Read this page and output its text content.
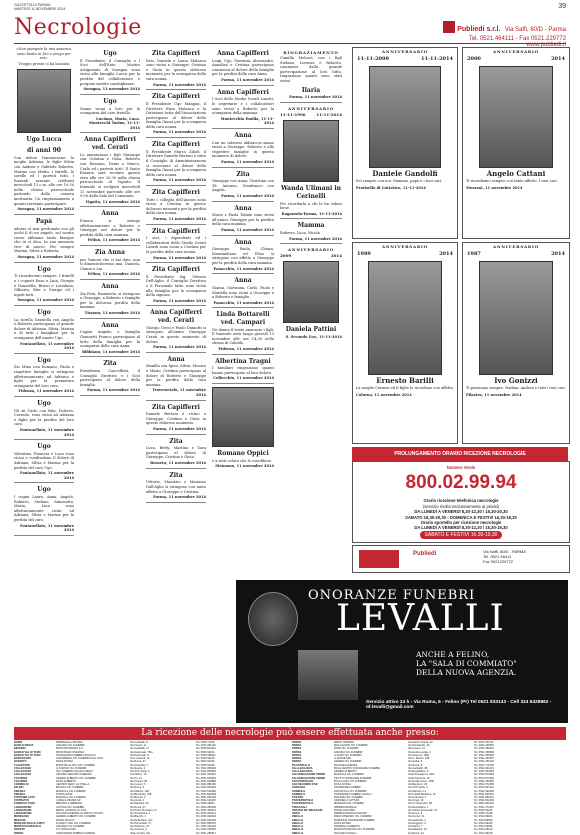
GAZZETTA DI PARMA
MARTEDÌ 11 NOVEMBRE 2014	39
Necrologie	Publiedi s.r.l. Via Saffi, 80/D - Parma
Tel. 0521.464111 - Fax 0521.229772
www.publiedi.it

«Non piangete la mia assenza, sono beato in Dio e prego per voi».

Troppo presto ci ha lasciato

Ugo Lucca
di anni 90

Con dolore l'annunciano: la moglie Adriana, le figlie Silvia con Andrea e Gabriele Roberta, Marina con Mirko, i fratelli, le sorelle ed i parenti tutti. I funerali saranno celebrati mercoledì 12 c.m. alle ore 10.30 nella chiesa parrocchiale partendo dalla camera mortuaria. Un ringraziamento a quanti vorranno partecipare.

Soragna, 11 novembre 2014
Papà

adesso sì mai perdonata con gli occhi il di un angelo, sul nostro cuore abbiamo tanto bisogno che tu ci dica. In sua memoria vive di nuovo. Per sempre Marina, Silvia e Roberta.

Soragna, 11 novembre 2014
Ugo

Ti ricorderemo sempre. I fratelli e i cognati Enzo e Lina, Giorgio e Donatella, Bruno e Loredana, Gilberto, Rita e Giorgio ed i nipoti tutti.

Soragna, 11 novembre 2014
Ugo

La sorella Graziella con Angelo e Roberto partecipano al grande dolore di Adriana, Silvia, Marina e di tutti i famigliari per la scomparsa dell'amato Ugo.

Fontanellato, 11 novembre 2014
Ugo

Zio Mino con Romano, Paola e rispettive famiglie si stringono affettuosamente ad Adriana e figlie per la prematura scomparsa del loro caro.

Fidenza, 11 novembre 2014
Ugo

Gli zii Carlo con Rita, Dolores, Corrado, sono vicini ad Adriana e figlie per la perdita del loro caro.

Fontanellato, 11 novembre 2014
Ugo

Valentino, Pinuccia e Luca sono vicini e condividono il dolore di Adriana, Silvia e Marina per la perdita del caro Ugo.

Fontanellato, 11 novembre 2014
Ugo

I cugini Laura, Anna, Angelo, Roberto, Stefano, Simonetta, Maria, Lina sono affettuosamente vicini ad Adriana, Silvia e Marina per la perdita del caro.

Fontanellato, 11 novembre 2014
Ugo

Il Presidente, il Consiglio e i Soci dell'Ente Mostra Artigianato di Soragna sono vicini alla famiglia Lucca per la perdita del collaboratore e porgono sentite condoglianze.

Soragna, 11 novembre 2014
Ugo

Siamo vicini a loro per la scomparsa del caro fratello.

Luciano, Maria, Luca. Montecchi Torino, 11-11-2014
Anna Capifferri ved. Cerati

Lo annunciano i figli Giuseppe con Cristina e Gioia, Roberto con Rossana, Denis e Marco, Carla ed i parenti tutti. Il Santo Rosario sarà recitato questa sera alle ore 20.30 nella chiesa parrocchiale di Vigatto. Il funerale si svolgerà mercoledì 12 novembre partendo alle ore 9.00 dalla Sala del Commiato.

Vigatto, 11 novembre 2014
Anna

Franca si stringe affettuosamente a Roberto e Giuseppe nel dolore per la perdita della cara mamma.

Felino, 11 novembre 2014
Zia Anna

per l'amore che ci hai dato, non ti dimenticheremo mai. Daniela, Gianni e Lia.

Felino, 11 novembre 2014
Anna

Zia Fera, Emanuela, si stringono a Giuseppe, a Roberto e famiglie per la dolorosa perdita della mamma.

Tizzano, 11 novembre 2014
Anna

Cugini Angiolo e famiglia Giannetti Franco partecipano al lutto della famiglia per la scomparsa della cara Anna.

Bibbiano, 11 novembre 2014
Zita

Presidenza Cancellieri, il Consiglio Direttivo e i Soci partecipano al dolore della famiglia.

Parma, 11 novembre 2014
Zita Capifferri

Ezio, Daniela e Laura Malanca sono vicini a Giuseppe, Cristina e Gioia in questo doloroso momento per la scomparsa della cara nonna.

Parma, 11 novembre 2014
Zita Capifferri

Il Presidente Ugo Mangini, il Direttore Enzo Malanca e la Direzione tutta dell'Associazione partecipano al dolore della famiglia Gnoni per la scomparsa della cara nonna.

Parma, 11 novembre 2014
Zita Capifferri

Il Presidente Marco Zilioli, il Direttore Daniele Bertoni e tutto il Consiglio di Amministrazione si associano al dolore della famiglia Gnoni per la scomparsa della cara nonna.

Parma, 11 novembre 2014
Zita Capifferri

Tutti i colleghi dell'Ascom sono vicini a Cristina in questo doloroso momento per la perdita della cara nonna.

Parma, 11 novembre 2014
Zita Capifferri

I soci, i dipendenti ed i collaboratori dello Studio Cerati Lauriti sono vicini a Cristina per la perdita della cara nonna.

Parma, 11 novembre 2014
Zita Capifferri

Il Presidente Sig. Vittorio Dell'Aglio, il Consiglio Direttivo e il Personale tutto sono vicini alla famiglia per la scomparsa della signora.

Parma, 11 novembre 2014
Anna Capifferri ved. Cerati

Giorgio Greci e Paolo Daniotti si stringono all'amico Giuseppe Cerati in questo momento di dolore.

Parma, 11 novembre 2014
Anna

Manilla con Igino, Silvia, Monica e Mario, Cristina partecipano al dolore di Roberto e Giuseppe per la perdita della cara mamma.

Traversetolo, 11 novembre 2014
Zita Capifferri

Daniele Bertoni è vicino a Giuseppe, Cristina e Gioia in questo doloroso momento.

Parma, 11 novembre 2014
Zita

Luca, Betty, Martina e Sara partecipano al dolore di Giuseppe, Cristina e Gioia.

Busseto, 11 novembre 2014
Zita

Vittorio, Maurizio e Massimo Dall'Aglio si stringono con tanto affetto a Giuseppe e Cristina.

Parma, 11 novembre 2014
Anna Capifferri

Luigi, Ugo, Giovanni, Alessandro, Annalisa e Cristina partecipano commossi al dolore della famiglia per la perdita della cara Anna.

Parma, 11 novembre 2014
Anna Capifferri

I Soci dello Studio Cerati Lauriti, le segretarie e i collaboratori sono vicini a Roberto per la scomparsa della mamma.

Montecchio Emilia, 11-11-2014
Anna

Con un caloroso abbraccio siamo vicini a Giuseppe, Roberto e alle rispettive famiglie in questo momento di dolore.

Parma, 11 novembre 2014
Zita

Giuseppe con Anna, Christian con 18. Antonio, Gianfranco con Angela.

Parma, 11 novembre 2014
Anna

Mario e Paola Tolmie sono vicini all'amico Giuseppe per la perdita della cara mamma.

Parma, 11 novembre 2014
Anna

Giuseppe, Paola, Chiara, Massimiliano ed Elisa si stringono con affetto a Giuseppe per la perdita della cara mamma.

Panocchia, 11 novembre 2014
Anna

Gianni, Giovanna, Carlo, Paolo e Mariella sono vicini a Giuseppe e a Roberto e famiglie.

Panocchia, 11 novembre 2014
Linda Bottarelli ved. Campari

Ne danno il triste annuncio i figli. Il funerale avrà luogo giovedì 13 novembre alle ore 14.30 nella chiesa di Caleido.

Fidenza, 11 novembre 2014
Albertina Tragni

I familiari ringraziano quanti hanno partecipato al loro dolore.

Collecchio, 11 novembre 2014
Romano Oppici

e a tutti coloro che lo conobbero

Sivizzano, 11 novembre 2014
RINGRAZIAMENTO

Camilla Molossi, con i figli Stefano, Lorenzo e Roberto, commossi dalla grande partecipazione al loro lutto, ringraziano quanti sono stati vicini.

Ilaria
Parma, 11 novembre 2014
ANNIVERSARIO
11-11-1996	11-11-2014
Wanda Ulimani in Cerinelli

Per ricordarla a chi le ha voluto bene.

Ragazzola-Parma, 11-11-2014
Mamma

Roberto, Luca, Nicola

Parma, 11 novembre 2014
ANNIVERSARIO
2009	2014
Daniela Pattini
S. Secondo P.se, 11-11-2014
ANNIVERSARIO
11-11-2009	11-11-2014
Daniele Gandolfi
Sei sempre con noi. Mamma, papà e i tuoi cari.
Pratisello di Gattatico, 11-11-2014
ANNIVERSARIO
2000	2014
Angelo Cattani
Ti ricordiamo sempre con tanto affetto. I tuoi cari.
Mezzani, 11 novembre 2014
ANNIVERSARIO
1989	2014
Ernesto Barilli
La moglie Carmen ed il figlio lo ricordano con affetto.
Colorno, 11 novembre 2014
ANNIVERSARIO
1987	2014
Ivo Gonizzi
Ti pensiamo sempre. Nadina, Andrea e tutti i tuoi cari.
Pilastro, 11 novembre 2014
PROLUNGAMENTO ORARIO RICEZIONE NECROLOGIE
Numero Verde
800.02.99.94
Orario ricezione telefonica necrologie
(servizio rivolto esclusivamente ai privati)
DA LUNEDÌ A VENERDÌ 8,30-12,30 / 15,30-20,30
SABATO 16,30-20,30 - DOMENICA E FESTIVI 16,30-19,30
Orario sportello per ricezione necrologie
DA LUNEDÌ A VENERDÌ 8,30-12,30 / 15,30-19,30
SABATO E FESTIVI 16,30-19,30
Publiedi	Via Saffi, 80/D - PARMA
Tel. 0521.46411
Fax 0521229772
ONORANZE FUNEBRI
LEVALLI
ANCHE A FELINO,
LA "SALA DI COMMIATO"
DELLA NUOVA AGENZIA.
Servizio attivo 24 h - Via Roma, 6 - Felino (Pr) Tel 0521 833143 - Cell 324 8428862 - of.levalli@gmail.com
La ricezione delle necrologie può essere effettuata anche presso:
BARDI	PERREGALLI MAURO	Via Garibaldi, 8	Tel. 0525.71315
BASILICANOVA	ANCORA ON. FUNEBRI	Via Ferrari, 11	Tel. 0521.681146
BEDONIA	MONTANI MAURO & C.	Via Garibaldi, 17	Tel. 0525.824116
BORGO VAL DI TARO	MONTANARI STEFANO	Via Nazionale, 76/A	Tel. 0525.99234
BORGO VAL DI TARO	ONORANZE FUNEBRI FROGGIO	Via Nazionale, 6	Tel. 0525.968311
BORGOTARO	ANTARREDO ON. FUNEBRI GALLUCCI	Via Lombardi, 12	Tel. 0525.92120
BUSSETO	ROSA ROSSA	Via Roma, 27	Tel. 0524.92240
CALESTANO	MONTANI ALTICO ON. FUNEBRI	Via Ghirardini, 7	Tel. 0525.52188
COLLECCHIO	IL SORISO ON. FUNEBRI	Via Spezia, 3	Tel. 0521.805316
COLLECCHIO	ON. FUNEBRI COLLECCHIESI	Via XXV Aprile, 9	Tel. 0521.805040
COLLECCHIO	CENTRO SERVIZI FUNERARI	Via Molino, 15	Tel. 0521.305316
COLORNO	GEDENI ALBERTO ON. FUNEBRI	Via Po, 13	Tel. 0521.815660
COLORNO	ROSA ALBERTO	Via Cavour, 38	Tel. 0521.816880
CORNIGLIO	CENTRO SERV. LA STELLA	Via Cavour, 5	Tel. 0521.881180
FELINO	BOCCHI ON. FUNEBRI	Via Roma, 6	Tel. 0521.833143
FIDENZA	MAZZOLA ON. FUNEBRI	Via Mazzini, 192	Tel. 0524.532666
FIDENZA	PORTA ALTRI	Via Bertolotto, 158	Tel. 0524.532668
FONTANELLATO	MAZZOLA ON. FUNEBRI	Via Bernini, 2	Tel. 0521.821000
FONTEVIVO	CIANE E IMANDI GP	Via Azzali, 1	Tel. 0521.611108
FORNOVO TARO	BERTANI & IMBRIANI	Via Mamiani, 20	Tel. 0525.39003
LANGHIRANO	CATTANI ON. FUNEBRI	Via Roma, 37	Tel. 0521.852206
LANGHIRANO	BARILI GIORGIO & LUCA	Via Pietro Pinzoletti, 27	Tel. 0521.354014
LANGHIRANO	ROLANDI AGENZIA & LIDRISI OTTAVIO	Via Torrechiara, 4	Tel. 0521.863441
MEDESANO	GEDENI ALBERTO ON. FUNEBRI	Via Bianchi, 1	Tel. 0525.420202
MEZZANI	ROSSI ROCCO	Via Della Pace, 6/C	Tel. 0521.816118
MONCHIO DELLE CORTI	FLORIO LUIGI ON. FUNEBRI	Via Pernetrello, 37	Tel. 0521.896176
MONTECHIARUGOLO	ANCORA ON. FUNEBRI	Via Solferino, 47	Tel. 0521.651004
NOCETO	O.F. BONACCINI	Via Gramsci, 2	Tel. 0521.625066
PARMA	ASSISTENZA PUBBLICA PARMA	Viale Gorizia, 2/A	Tel. 0521.289617
PARMA	BARILI SANDRO	Via Martiri Libertà, 43	Tel. 0521.241711
PARMA	BOLA SANTE ON. FUNEBRI	Via Montebello, 29	Tel. 0521.290065
PARMA	IDANI ON. FUNEBRI	Via Cavour, 21	Tel. 0521.286610
PARMA	ANCORA ON. FUNEBRI	Via Emilio Lepido, 2	Tel. 0521.256665
PARMA	IL FARO ON. FUNEBRI	Via Gramsci, 18/B	Tel. 0521.900000
PARMA	IL LEONE SRL	Via G. Musini, 158	Tel. 0521.257057
PARMA	GEDENI ON. FUNEBRI	Via Sicilia, 3	Tel. 0521.251606
PILASTRELLO	ROLANDI AGENZIA	Via Roma, 8	Tel. 0521.771640
SALA BAGANZA	BOLA CENTRO ONORANZE FUNEBRI	Via Garibaldi, 38	Tel. 0521.831491
SALA BAGANZA	GEDENI ALBERTO	Via Repubblica, 5	Tel. 0521.833553
SALSOMAGGIORE TERME	MAZZOLA ON. FUNEBRI	Viale Romagnosi, 29/C	Tel. 0524.573060
SALSOMAGGIORE TERME	PILOTTI ONORANZE FUNEBRI	Viale Piacenza, 40	Tel. 0524.573490
SAN PANCRAZIO	BOLLA LIDO ON. FUNEBRI	Via Emilia Ovest, 15/B	Tel. 0521.292980
SAN SECONDO P.SE	ROSA ROSSA	Via Bergonzi, 29	Tel. 0521.872280
SORAGNA	ONORANZE FUNEBRI	Via XXV Aprile, 6	Tel. 0524.597141
SORBOLO	ZANTAVOLA ON. FUNEBRI	Via Marconi, 11	Tel. 0521.692296
SORBOLO	ONORANZE FUNEBRI CAVALLI	Via Fratelli Bandiera, 10	Tel. 0521.695110
TIZZANO	ROLANDI ON. FUNEBRI	Via Guazzetti, 4	Tel. 0521.860121
TRAVERSETOLO	SIMONELLI CATTANI	Via Crispi, 30	Tel. 0521.842166
TRAVERSETOLO	MARASINI ON. FUNEBRI	Via IV Novembre, 68	Tel. 0521.842215
TRECASALI	IMPRESA BORGHI	Via Repubblica, 1	Tel. 0521.373107
VARANO DE' MELEGARI	ROSSI GIACOMO	Via Vittorio Emanuele, 12	Tel. 0525.53206
VARSI	IMPRESA BORGHI MAURO	Via Roma, 8	Tel. 0525.74138
ZIBELLO	BARO STEFANO ON. FUNEBRI	Via Ferrari, 31	Tel. 0524.99101
ZIBELLO	BORNOUR ONORANZE FUNEBRI	Via Gariboldi, 4	Tel. 0524.99060
ZIBELLO	ROSA ROSSA	Via Roggerin, 2	Tel. 0524.99225
ZIBELLO	FAVARELLI ALBERTO	Via Marini, 7	Tel. 0524.99066
ZIBELLO	MARASINI MAURO ON. FUNEBRI	Via Matteotti, 15	Tel. 0524.99142
ZIBELLO	ROLANDI CAVALLI	Via Roma, 24	Tel. 0524.99078
